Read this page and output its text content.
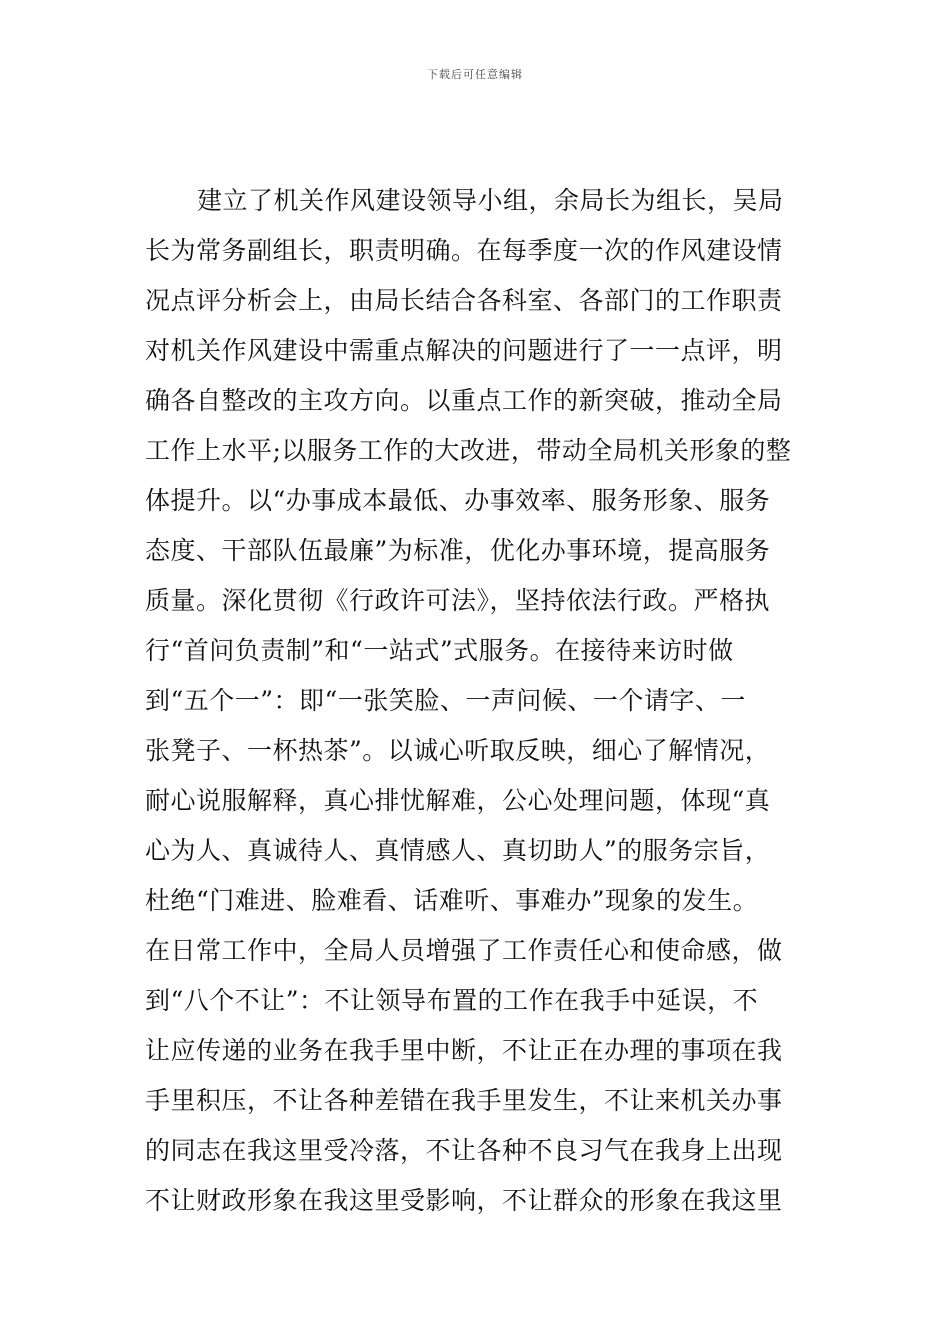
下载后可任意编辑
建立了机关作风建设领导小组，余局长为组长，吴局
长为常务副组长，职责明确。在每季度一次的作风建设情
况点评分析会上，由局长结合各科室、各部门的工作职责
对机关作风建设中需重点解决的问题进行了一一点评，明
确各自整改的主攻方向。以重点工作的新突破，推动全局
工作上水平;以服务工作的大改进，带动全局机关形象的整
体提升。以“办事成本最低、办事效率、服务形象、服务
态度、干部队伍最廉”为标准，优化办事环境，提高服务
质量。深化贯彻《行政许可法》，坚持依法行政。严格执
行“首问负责制”和“一站式”式服务。在接待来访时做
到“五个一”：即“一张笑脸、一声问候、一个请字、一
张凳子、一杯热茶”。以诚心听取反映，细心了解情况，
耐心说服解释，真心排忧解难，公心处理问题，体现“真
心为人、真诚待人、真情感人、真切助人”的服务宗旨，
杜绝“门难进、脸难看、话难听、事难办”现象的发生。
在日常工作中，全局人员增强了工作责任心和使命感，做
到“八个不让”：不让领导布置的工作在我手中延误，不
让应传递的业务在我手里中断，不让正在办理的事项在我
手里积压，不让各种差错在我手里发生，不让来机关办事
的同志在我这里受冷落，不让各种不良习气在我身上出现
不让财政形象在我这里受影响，不让群众的形象在我这里
